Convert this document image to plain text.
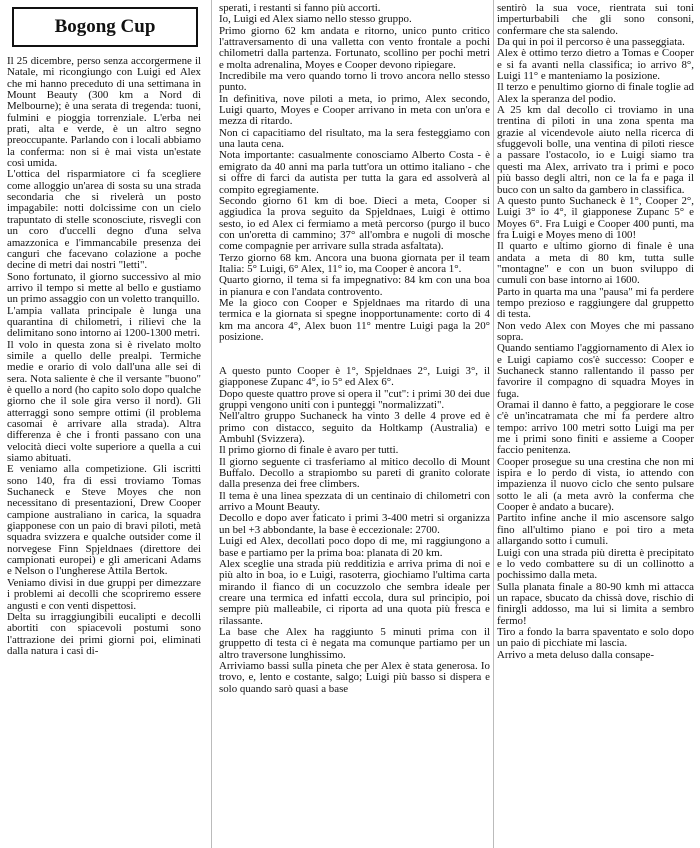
Bogong Cup

Il 25 dicembre, perso senza accorgermene il Natale, mi ricongiungo con Luigi ed Alex che mi hanno preceduto di una settimana in Mount Beauty (300 km a Nord di Melbourne); è una serata di tregenda: tuoni, fulmini e pioggia torrenziale. L'erba nei prati, alta e verde, è un altro segno preoccupante. Parlando con i locali abbiamo la conferma: non si è mai vista un'estate così umida.

L'ottica del risparmiatore ci fa scegliere come alloggio un'area di sosta su una strada secondaria che si rivelerà un posto impagabile: notti dolcissime con un cielo trapuntato di stelle sconosciute, risvegli con un coro d'uccelli degno d'una selva amazzonica e l'immancabile presenza dei canguri che facevano colazione a poche decine di metri dai nostri "letti".

Sono fortunato, il giorno successivo al mio arrivo il tempo si mette al bello e gustiamo un primo assaggio con un voletto tranquillo.

L'ampia vallata principale è lunga una quarantina di chilometri, i rilievi che la delimitano sono intorno ai 1200-1300 metri.

Il volo in questa zona si è rivelato molto simile a quello delle prealpi. Termiche medie e orario di volo dall'una alle sei di sera. Nota saliente è che il versante "buono" è quello a nord (ho capito solo dopo qualche giorno che il sole gira verso il nord). Gli atterraggi sono sempre ottimi (il problema casomai è arrivare alla strada). Altra differenza è che i fronti passano con una velocità dieci volte superiore a quella a cui siamo abituati.

E veniamo alla competizione. Gli iscritti sono 140, fra di essi troviamo Tomas Suchaneck e Steve Moyes che non necessitano di presentazioni, Drew Cooper campione australiano in carica, la squadra giapponese con un paio di bravi piloti, metà squadra svizzera e qualche outsider come il norvegese Finn Spjeldnaes (direttore dei campionati europei) e gli americani Adams e Nelson o l'ungherese Attila Bertok.

Veniamo divisi in due gruppi per dimezzare i problemi ai decolli che scopriremo essere angusti e con venti dispettosi.

Delta su irraggiungibili eucalipti e decolli abortiti con spiacevoli postumi sono l'attrazione dei primi giorni poi, eliminati dalla natura i casi di-

sperati, i restanti si fanno più accorti.

Io, Luigi ed Alex siamo nello stesso gruppo.

Primo giorno 62 km andata e ritorno, unico punto critico l'attraversamento di una valletta con vento frontale a pochi chilometri dalla partenza. Fortunato, scollino per pochi metri e molta adrenalina, Moyes e Cooper devono ripiegare.

Incredibile ma vero quando torno li trovo ancora nello stesso punto.

In definitiva, nove piloti a meta, io primo, Alex secondo, Luigi quarto, Moyes e Cooper arrivano in meta con un'ora e mezza di ritardo.

Non ci capacitiamo del risultato, ma la sera festeggiamo con una lauta cena.

Nota importante: casualmente conosciamo Alberto Costa - è emigrato da 40 anni ma parla tutt'ora un ottimo italiano - che si offre di farci da autista per tutta la gara ed assolverà al compito egregiamente.

Secondo giorno 61 km di boe. Dieci a meta, Cooper si aggiudica la prova seguito da Spjeldnaes, Luigi è ottimo sesto, io ed Alex ci fermiamo a metà percorso (purgo il buco con un'oretta di cammino; 37° all'ombra e nugoli di mosche come compagnie per arrivare sulla strada asfaltata).

Terzo giorno 68 km. Ancora una buona giornata per il team Italia: 5° Luigi, 6° Alex, 11° io, ma Cooper è ancora 1°.

Quarto giorno, il tema si fa impegnativo: 84 km con una boa in pianura e con l'andata controvento.

Me la gioco con Cooper e Spjeldnaes ma ritardo di una termica e la giornata si spegne inopportunamente: corto di 4 km ma ancora 4°, Alex buon 11° mentre Luigi paga la 20° posizione.

A questo punto Cooper è 1°, Spjeldnaes 2°, Luigi 3°, il giapponese Zupanc 4°, io 5° ed Alex 6°.

Dopo queste quattro prove si opera il "cut": i primi 30 dei due gruppi vengono uniti con i punteggi "normalizzati".

Nell'altro gruppo Suchaneck ha vinto 3 delle 4 prove ed è primo con distacco, seguito da Holtkamp (Australia) e Ambuhl (Svizzera).

Il primo giorno di finale è avaro per tutti.

Il giorno seguente ci trasferiamo al mitico decollo di Mount Buffalo. Decollo a strapiombo su pareti di granito colorate dalla presenza dei free climbers.

Il tema è una linea spezzata di un centinaio di chilometri con arrivo a Mount Beauty.

Decollo e dopo aver faticato i primi 3-400 metri si organizza un bel +3 abbondante, la base è eccezionale: 2700.

Luigi ed Alex, decollati poco dopo di me, mi raggiungono a base e partiamo per la prima boa: planata di 20 km.

Alex sceglie una strada più redditizia e arriva prima di noi e più alto in boa, io e Luigi, rasoterra, giochiamo l'ultima carta mirando il fianco di un cocuzzolo che sembra ideale per creare una termica ed infatti eccola, dura sul principio, poi sempre più malleabile, ci riporta ad una quota più fresca e rilassante.

La base che Alex ha raggiunto 5 minuti prima con il gruppetto di testa ci è negata ma comunque partiamo per un altro traversone lunghissimo.

Arriviamo bassi sulla pineta che per Alex è stata generosa. Io trovo, e, lento e costante, salgo; Luigi più basso si dispera e solo quando sarò quasi a base

sentirò la sua voce, rientrata sui toni imperturbabili che gli sono consoni, confermare che sta salendo.

Da qui in poi il percorso è una passeggiata.

Alex è ottimo terzo dietro a Tomas e Cooper e si fa avanti nella classifica; io arrivo 8°, Luigi 11° e manteniamo la posizione.

Il terzo e penultimo giorno di finale toglie ad Alex la speranza del podio.

A 25 km dal decollo ci troviamo in una trentina di piloti in una zona spenta ma grazie al vicendevole aiuto nella ricerca di sfuggevoli bolle, una ventina di piloti riesce a passare l'ostacolo, io e Luigi siamo tra questi ma Alex, arrivato tra i primi e poco più basso degli altri, non ce la fa e paga il buco con un salto da gambero in classifica.

A questo punto Suchaneck è 1°, Cooper 2°, Luigi 3° io 4°, il giapponese Zupanc 5° e Moyes 6°. Fra Luigi e Cooper 400 punti, ma fra Luigi e Moyes meno di 100!

Il quarto e ultimo giorno di finale è una andata a meta di 80 km, tutta sulle "montagne" e con un buon sviluppo di cumuli con base intorno ai 1600.

Parto in quarta ma una "pausa" mi fa perdere tempo prezioso e raggiungere dal gruppetto di testa.

Non vedo Alex con Moyes che mi passano sopra.

Quando sentiamo l'aggiornamento di Alex io e Luigi capiamo cos'è successo: Cooper e Suchaneck stanno rallentando il passo per favorire il compagno di squadra Moyes in fuga.

Oramai il danno è fatto, a peggiorare le cose c'è un'incatramata che mi fa perdere altro tempo: arrivo 100 metri sotto Luigi ma per me i primi sono finiti e assieme a Cooper faccio penitenza.

Cooper prosegue su una crestina che non mi ispira e lo perdo di vista, io attendo con impazienza il nuovo ciclo che sento pulsare sotto le ali (a meta avrò la conferma che Cooper è andato a bucare).

Partito infine anche il mio ascensore salgo fino all'ultimo piano e poi tiro a meta allargando sotto i cumuli.

Luigi con una strada più diretta è precipitato e lo vedo combattere su di un collinotto a pochissimo dalla meta.

Sulla planata finale a 80-90 kmh mi attacca un rapace, sbucato da chissà dove, rischio di finirgli addosso, ma lui si limita a sembro fermo!

Tiro a fondo la barra spaventato e solo dopo un paio di picchiate mi lascia.

Arrivo a meta deluso dalla consape-
